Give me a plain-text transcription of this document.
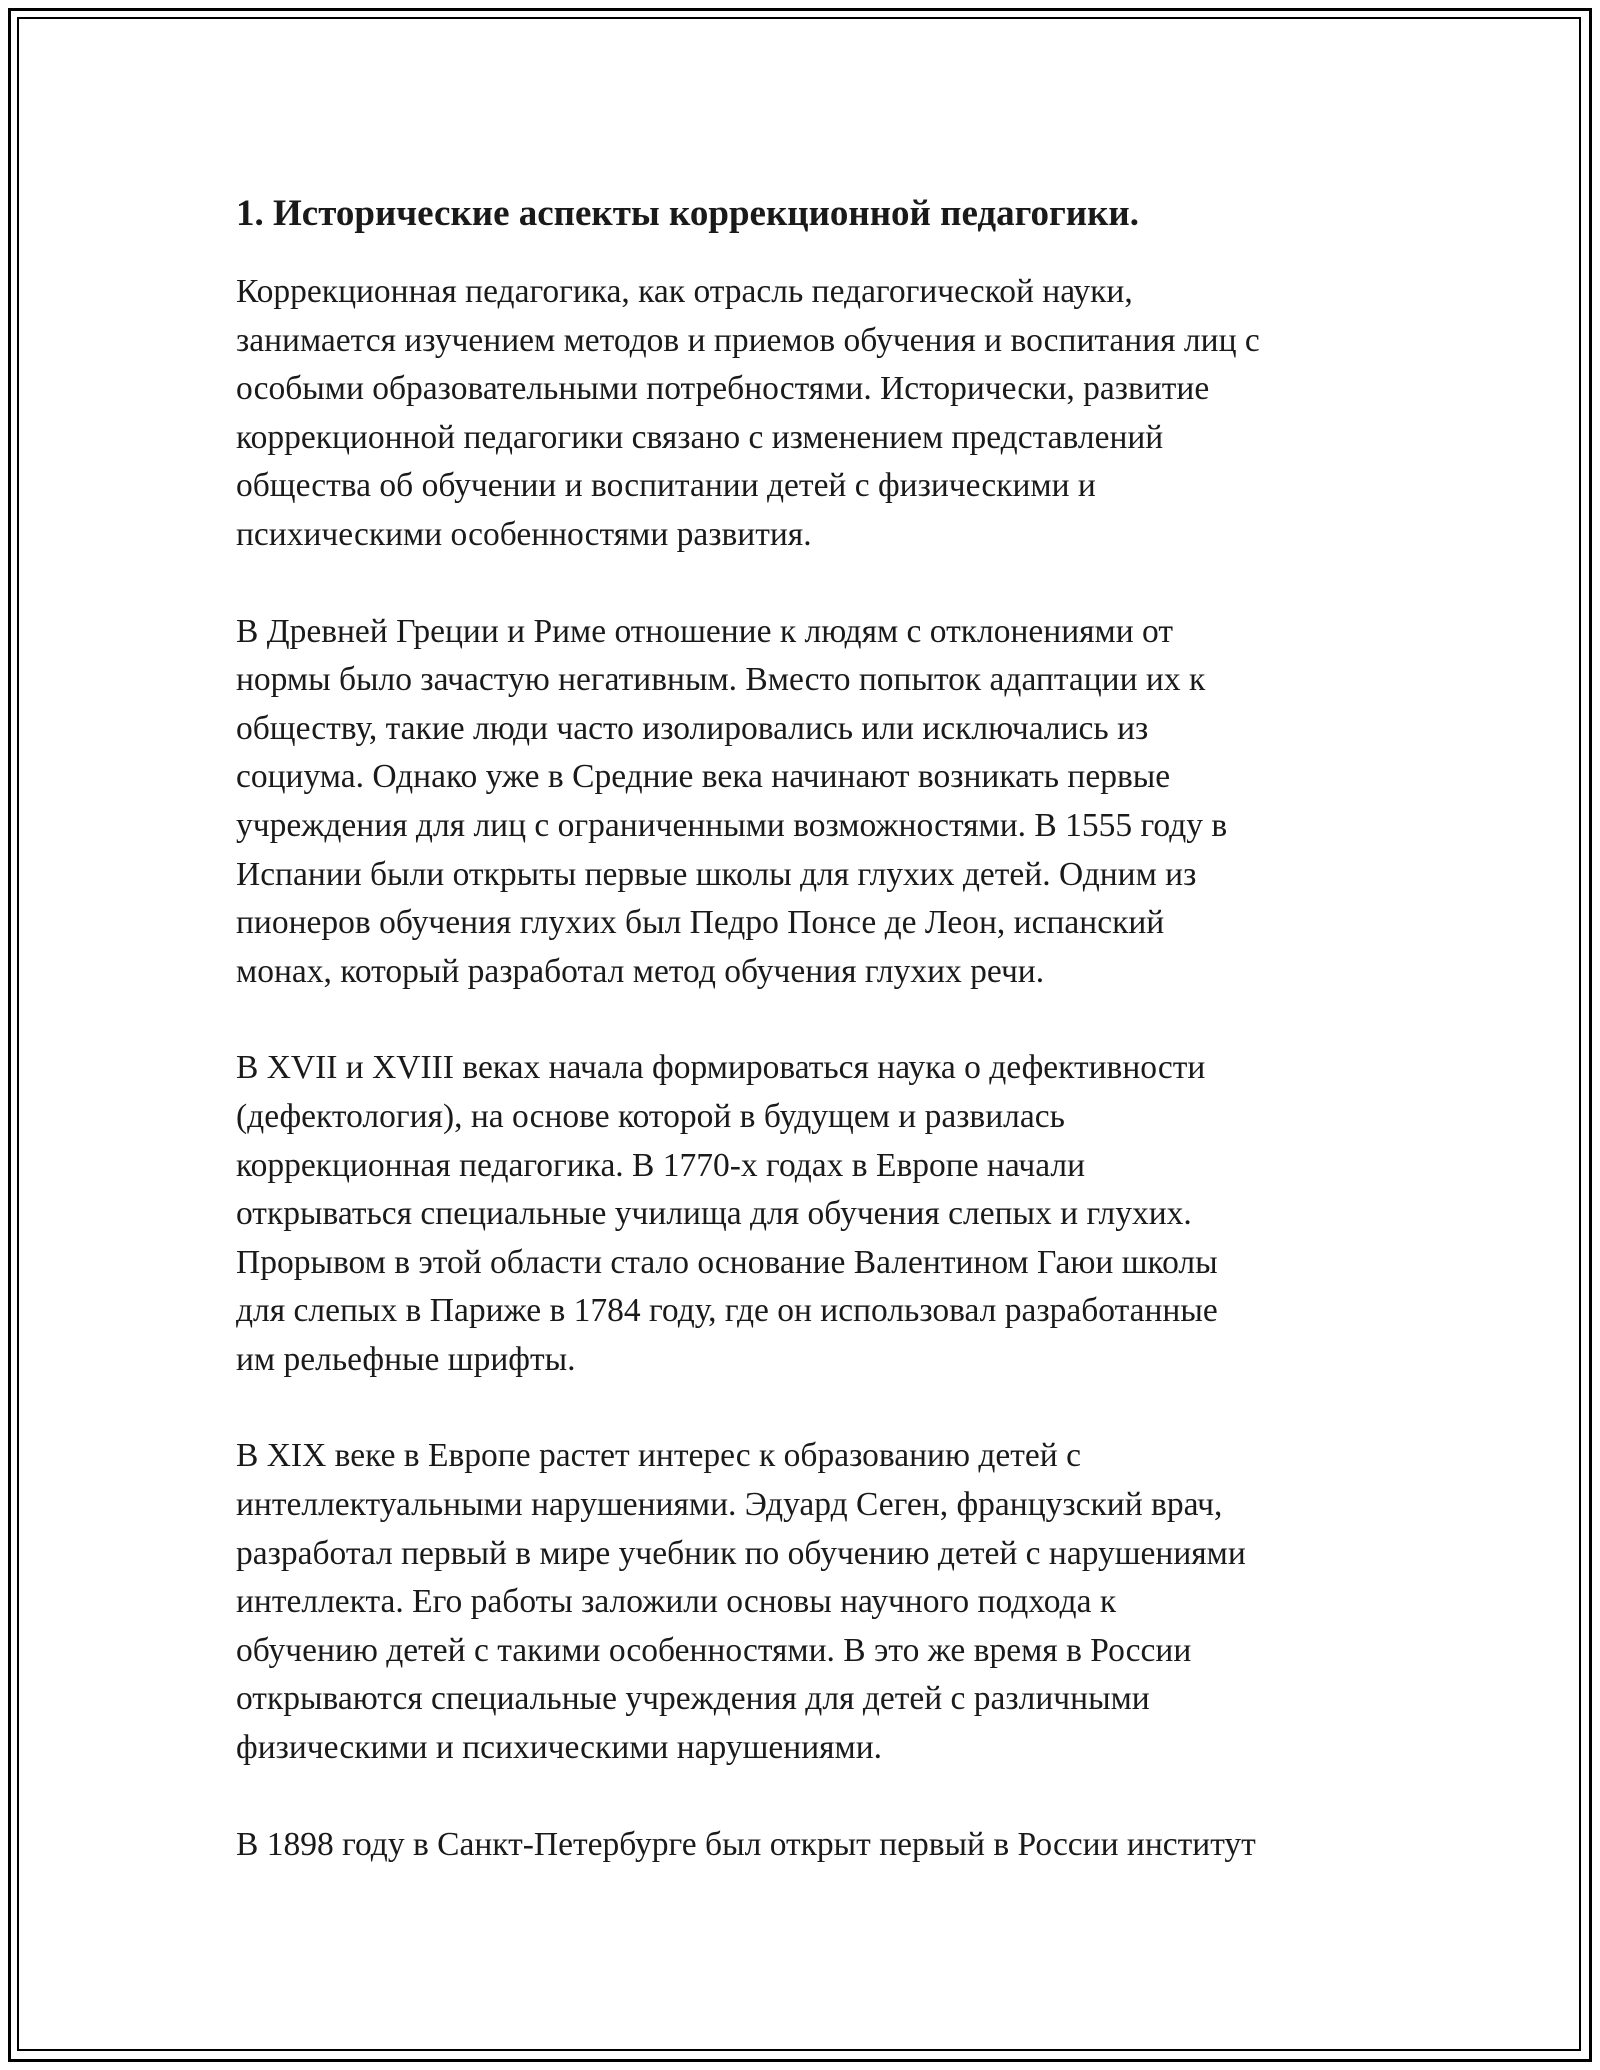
1. Исторические аспекты коррекционной педагогики.

Коррекционная педагогика, как отрасль педагогической науки,
занимается изучением методов и приемов обучения и воспитания лиц с
особыми образовательными потребностями. Исторически, развитие
коррекционной педагогики связано с изменением представлений
общества об обучении и воспитании детей с физическими и
психическими особенностями развития.

В Древней Греции и Риме отношение к людям с отклонениями от
нормы было зачастую негативным. Вместо попыток адаптации их к
обществу, такие люди часто изолировались или исключались из
социума. Однако уже в Средние века начинают возникать первые
учреждения для лиц с ограниченными возможностями. В 1555 году в
Испании были открыты первые школы для глухих детей. Одним из
пионеров обучения глухих был Педро Понсе де Леон, испанский
монах, который разработал метод обучения глухих речи.

В XVII и XVIII веках начала формироваться наука о дефективности
(дефектология), на основе которой в будущем и развилась
коррекционная педагогика. В 1770-х годах в Европе начали
открываться специальные училища для обучения слепых и глухих.
Прорывом в этой области стало основание Валентином Гаюи школы
для слепых в Париже в 1784 году, где он использовал разработанные
им рельефные шрифты.

В XIX веке в Европе растет интерес к образованию детей с
интеллектуальными нарушениями. Эдуард Сеген, французский врач,
разработал первый в мире учебник по обучению детей с нарушениями
интеллекта. Его работы заложили основы научного подхода к
обучению детей с такими особенностями. В это же время в России
открываются специальные учреждения для детей с различными
физическими и психическими нарушениями.

В 1898 году в Санкт-Петербурге был открыт первый в России институт
